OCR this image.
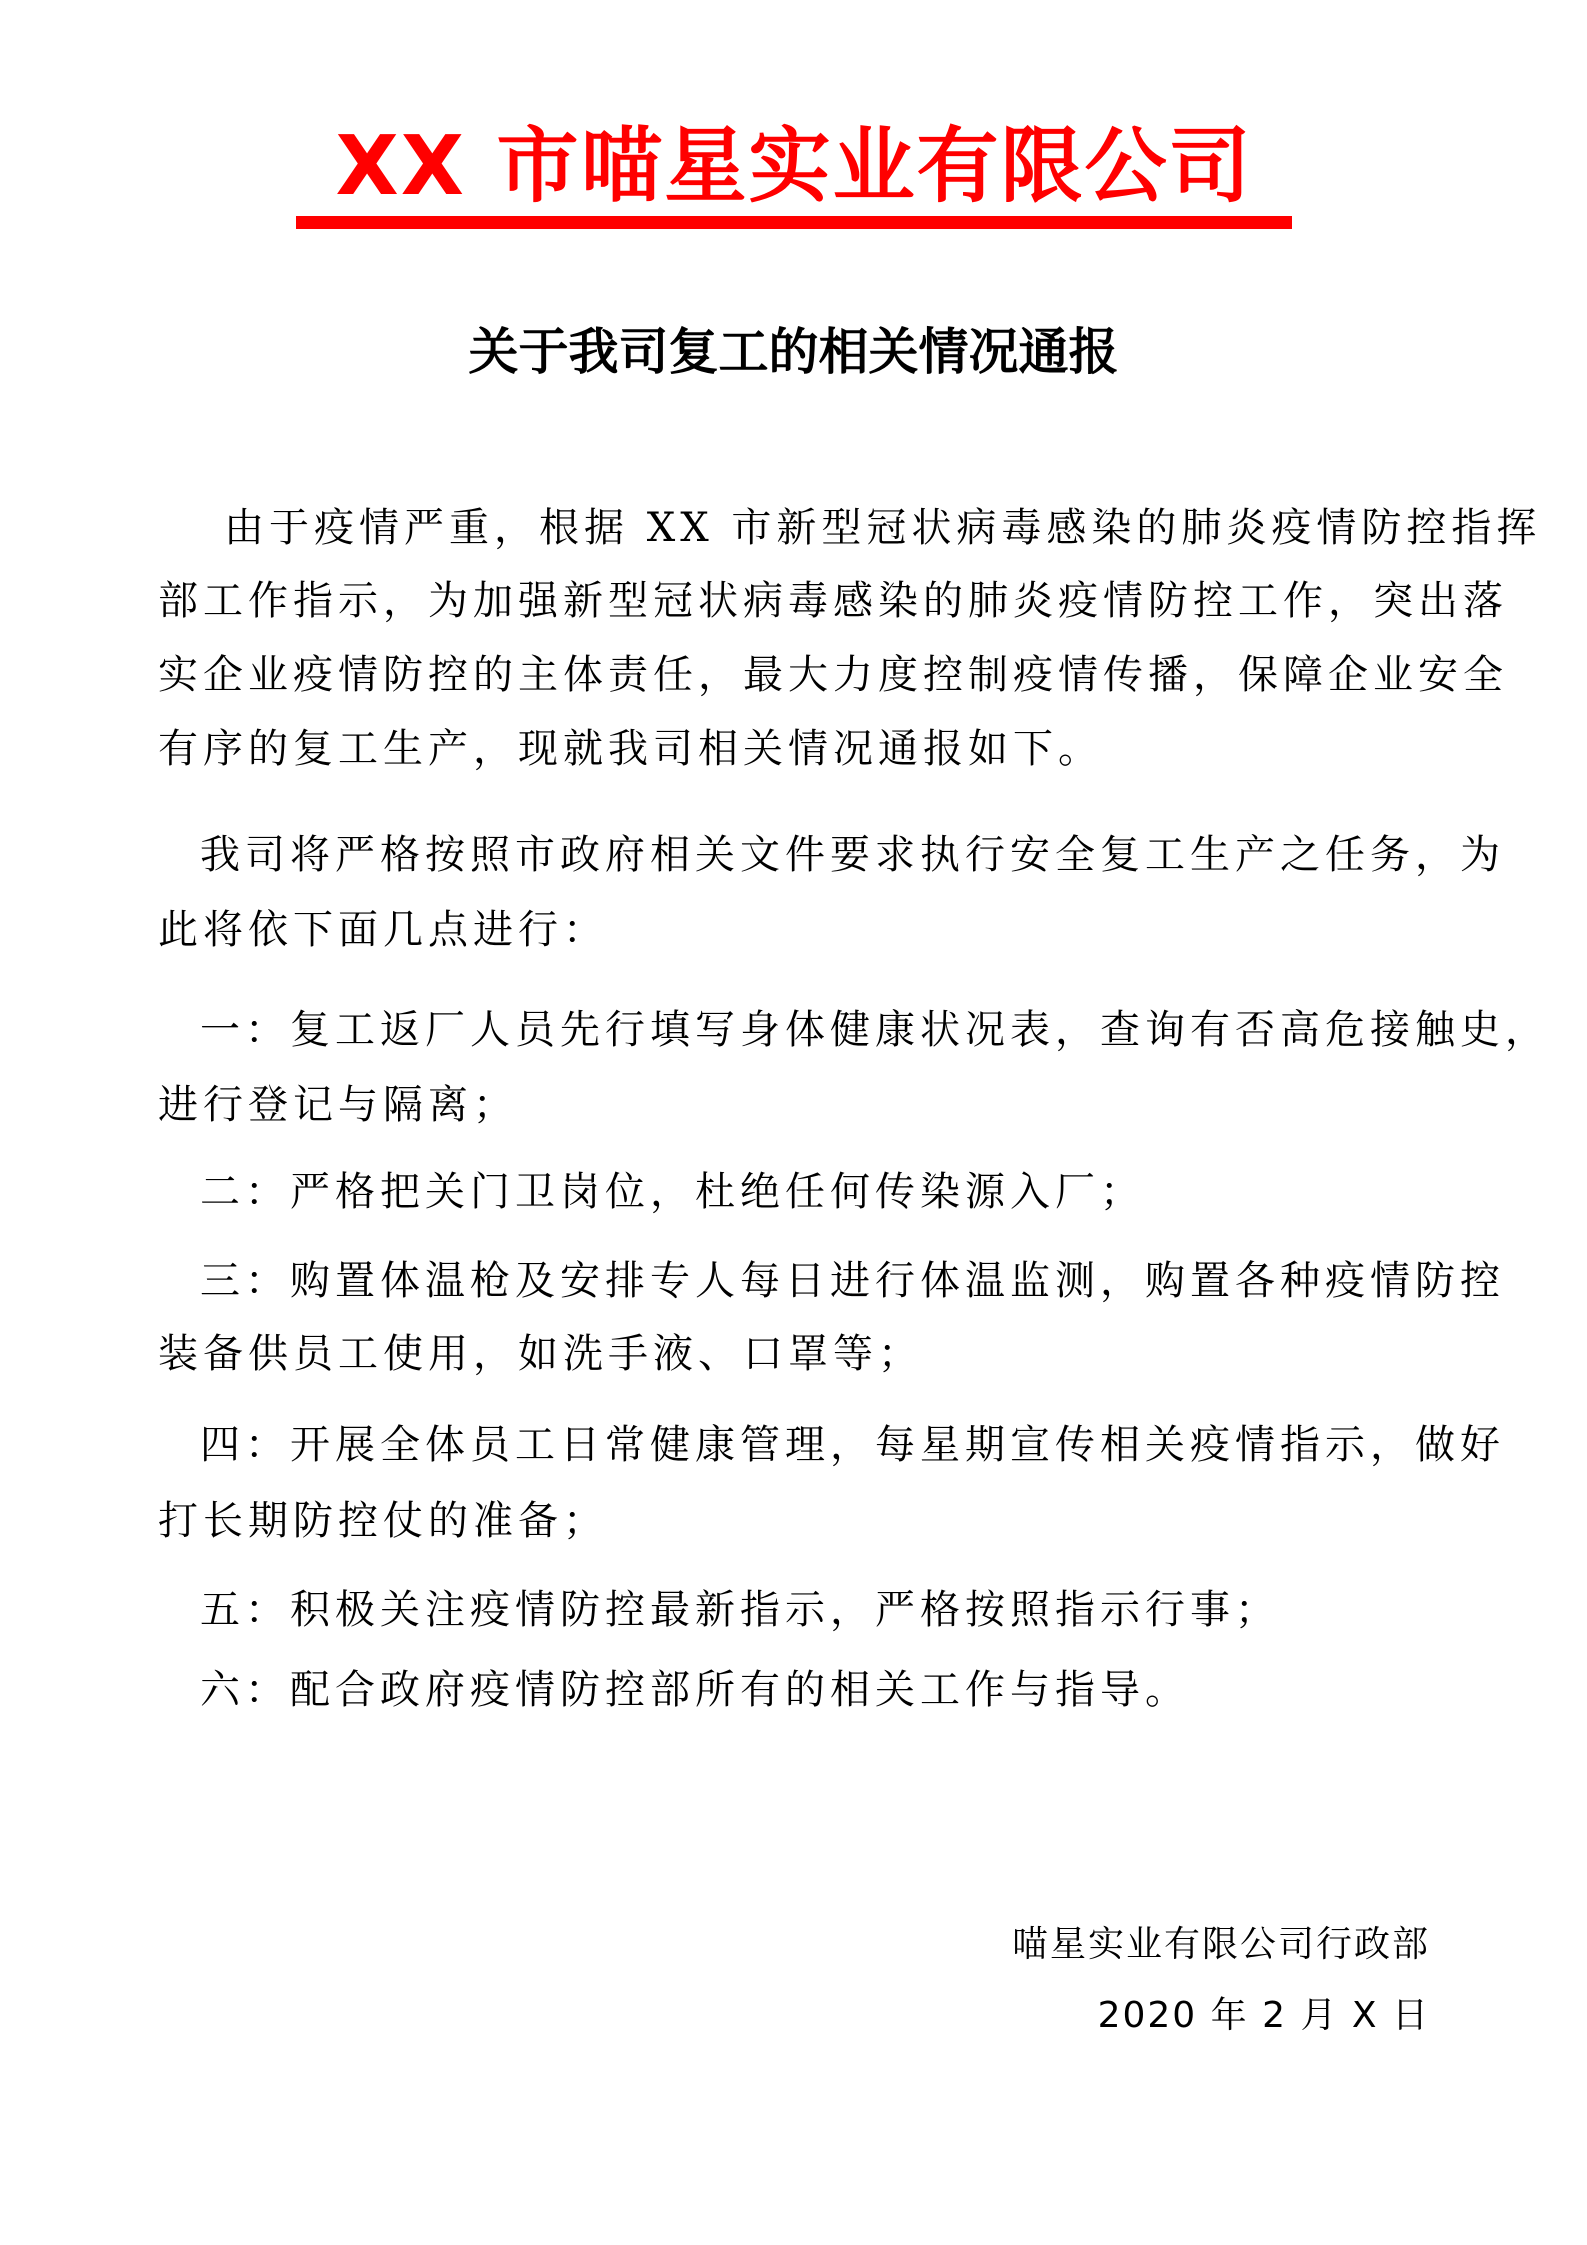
XX 市喵星实业有限公司
关于我司复工的相关情况通报
由于疫情严重，根据 XX 市新型冠状病毒感染的肺炎疫情防控指挥
部工作指示，为加强新型冠状病毒感染的肺炎疫情防控工作，突出落
实企业疫情防控的主体责任，最大力度控制疫情传播，保障企业安全
有序的复工生产，现就我司相关情况通报如下。
我司将严格按照市政府相关文件要求执行安全复工生产之任务，为
此将依下面几点进行：
一：复工返厂人员先行填写身体健康状况表，查询有否高危接触史，
进行登记与隔离；
二：严格把关门卫岗位，杜绝任何传染源入厂；
三：购置体温枪及安排专人每日进行体温监测，购置各种疫情防控
装备供员工使用，如洗手液、口罩等；
四：开展全体员工日常健康管理，每星期宣传相关疫情指示，做好
打长期防控仗的准备；
五：积极关注疫情防控最新指示，严格按照指示行事；
六：配合政府疫情防控部所有的相关工作与指导。
喵星实业有限公司行政部
2020 年 2 月 X 日
